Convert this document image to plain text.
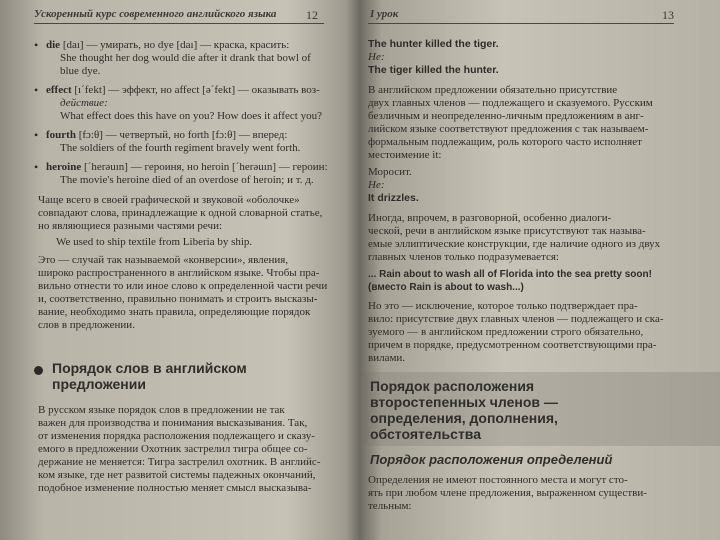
Ускоренный курс современного английского языка 12
• die [daı] — умирать, но dye [daı] — краска, красить:
She thought her dog would die after it drank that bowl of
blue dye.
• effect [ı´fekt] — эффект, но affect [ə´fekt] — оказывать воз-
действие:
What effect does this have on you? How does it affect you?
• fourth [fɔ:θ] — четвертый, но forth [fɔ:θ] — вперед:
The soldiers of the fourth regiment bravely went forth.
• heroine [´herəuın] — героиня, но heroin [´herəuın] — героин:
The movie's heroine died of an overdose of heroin; и т. д.
Чаще всего в своей графической и звуковой «оболочке»
совпадают слова, принадлежащие к одной словарной статье,
но являющиеся разными частями речи:
We used to ship textile from Liberia by ship.
Это — случай так называемой «конверсии», явления,
широко распространенного в английском языке. Чтобы пра-
вильно отнести то или иное слово к определенной части речи
и, соответственно, правильно понимать и строить высказы-
вание, необходимо знать правила, определяющие порядок
слов в предложении.
Порядок слов в английском
предложении
В русском языке порядок слов в предложении не так
важен для производства и понимания высказывания. Так,
от изменения порядка расположения подлежащего и сказу-
емого в предложении Охотник застрелил тигра общее со-
держание не меняется: Тигра застрелил охотник. В английс-
ком языке, где нет развитой системы падежных окончаний,
подобное изменение полностью меняет смысл высказыва-
I урок	13
The hunter killed the tiger.
Не:
The tiger killed the hunter.
В английском предложении обязательно присутствие
двух главных членов — подлежащего и сказуемого. Русским
безличным и неопределенно-личным предложениям в анг-
лийском языке соответствуют предложения с так называем-
формальным подлежащим, роль которого часто исполняет
местоимение it:
Моросит.
Не:
It drizzles.
Иногда, впрочем, в разговорной, особенно диалоги-
ческой, речи в английском языке присутствуют так называ-
емые эллиптические конструкции, где наличие одного из двух
главных членов только подразумевается:
... Rain about to wash all of Florida into the sea pretty soon!
(вместо Rain is about to wash...)
Но это — исключение, которое только подтверждает пра-
вило: присутствие двух главных членов — подлежащего и ска-
зуемого — в английском предложении строго обязательно,
причем в порядке, предусмотренном соответствующими пра-
вилами.
Порядок расположения
второстепенных членов —
определения, дополнения,
обстоятельства
Порядок расположения определений
Определения не имеют постоянного места и могут сто-
ять при любом члене предложения, выраженном существи-
тельным:
